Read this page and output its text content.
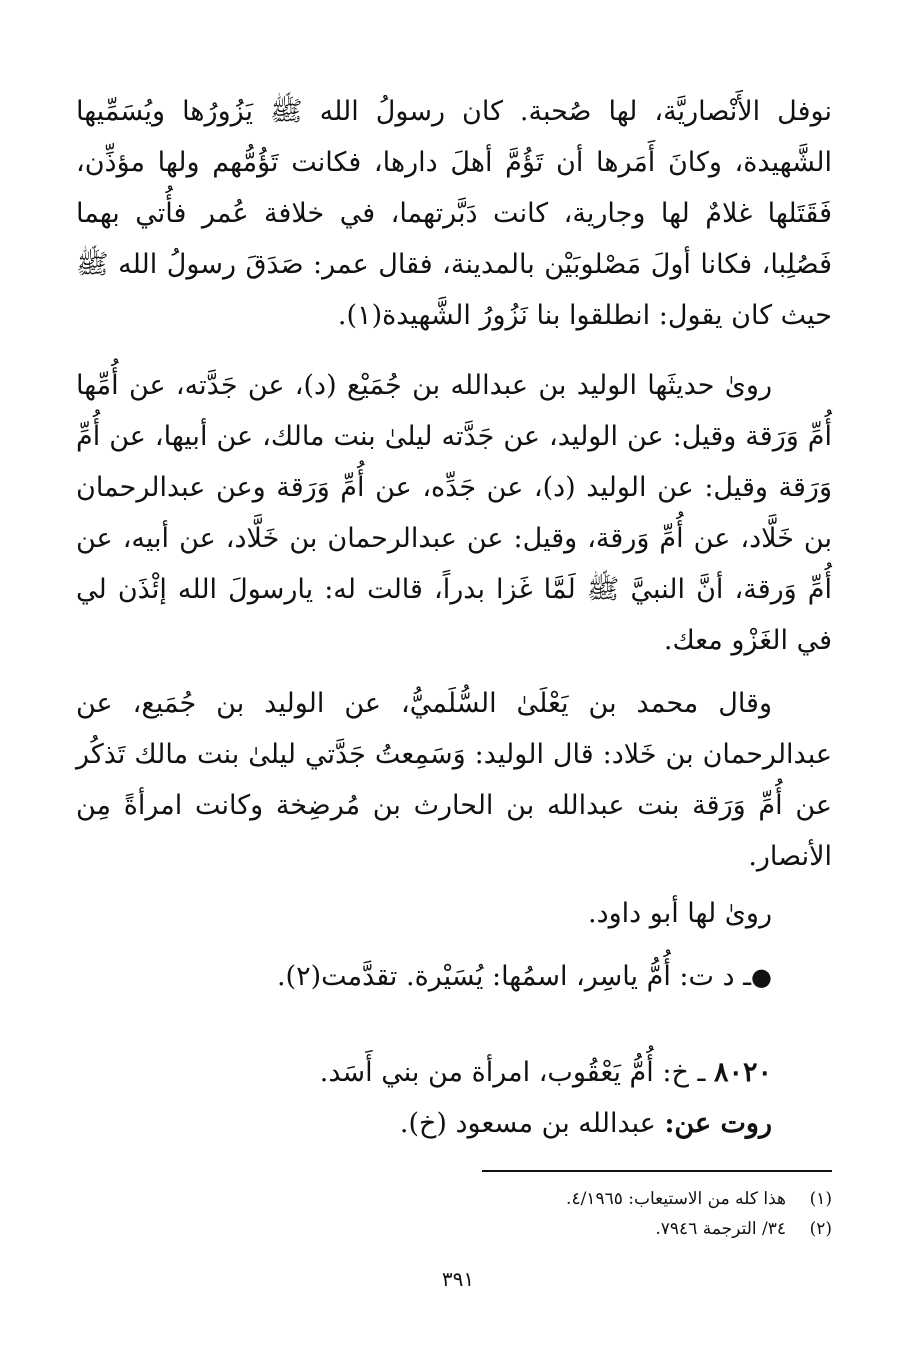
نوفل الأَنْصاريَّة، لها صُحبة. كان رسولُ الله ﷺ يَزُورُها ويُسَمِّيها الشَّهيدة، وكانَ أَمَرها أن تَؤُمَّ أهلَ دارها، فكانت تَؤُمُّهم ولها مؤذِّن، فَقَتَلها غلامٌ لها وجارية، كانت دَبَّرتهما، في خلافة عُمر فأُتي بهما فَصُلِبا، فكانا أولَ مَصْلوبَيْن بالمدينة، فقال عمر: صَدَقَ رسولُ الله ﷺ حيث كان يقول: انطلقوا بنا نَزُورُ الشَّهيدة(١).

روىٰ حديثَها الوليد بن عبدالله بن جُمَيْع (د)، عن جَدَّته، عن أُمِّها أُمِّ وَرَقة وقيل: عن الوليد، عن جَدَّته ليلىٰ بنت مالك، عن أبيها، عن أُمِّ وَرَقة وقيل: عن الوليد (د)، عن جَدِّه، عن أُمِّ وَرَقة وعن عبدالرحمان بن خَلَّاد، عن أُمِّ وَرقة، وقيل: عن عبدالرحمان بن خَلَّاد، عن أبيه، عن أُمِّ وَرقة، أنَّ النبيَّ ﷺ لَمَّا غَزا بدراً، قالت له: يارسولَ الله إئْذَن لي في الغَزْو معك.

وقال محمد بن يَعْلَىٰ السُّلَميُّ، عن الوليد بن جُمَيع، عن عبدالرحمان بن خَلاد: قال الوليد: وَسَمِعتُ جَدَّتي ليلىٰ بنت مالك تَذكُر عن أُمِّ وَرَقة بنت عبدالله بن الحارث بن مُرضِخة وكانت امرأةً مِن الأنصار.

روىٰ لها أبو داود.

●ـ د ت: أُمُّ ياسِر، اسمُها: يُسَيْرة. تقدَّمت(٢).

٨٠٢٠ ـ خ: أُمُّ يَعْقُوب، امرأة من بني أَسَد.

روت عن: عبدالله بن مسعود (خ).

(١)هذا كله من الاستيعاب: ٤/١٩٦٥.

(٢)٣٤/ الترجمة ٧٩٤٦.

٣٩١
